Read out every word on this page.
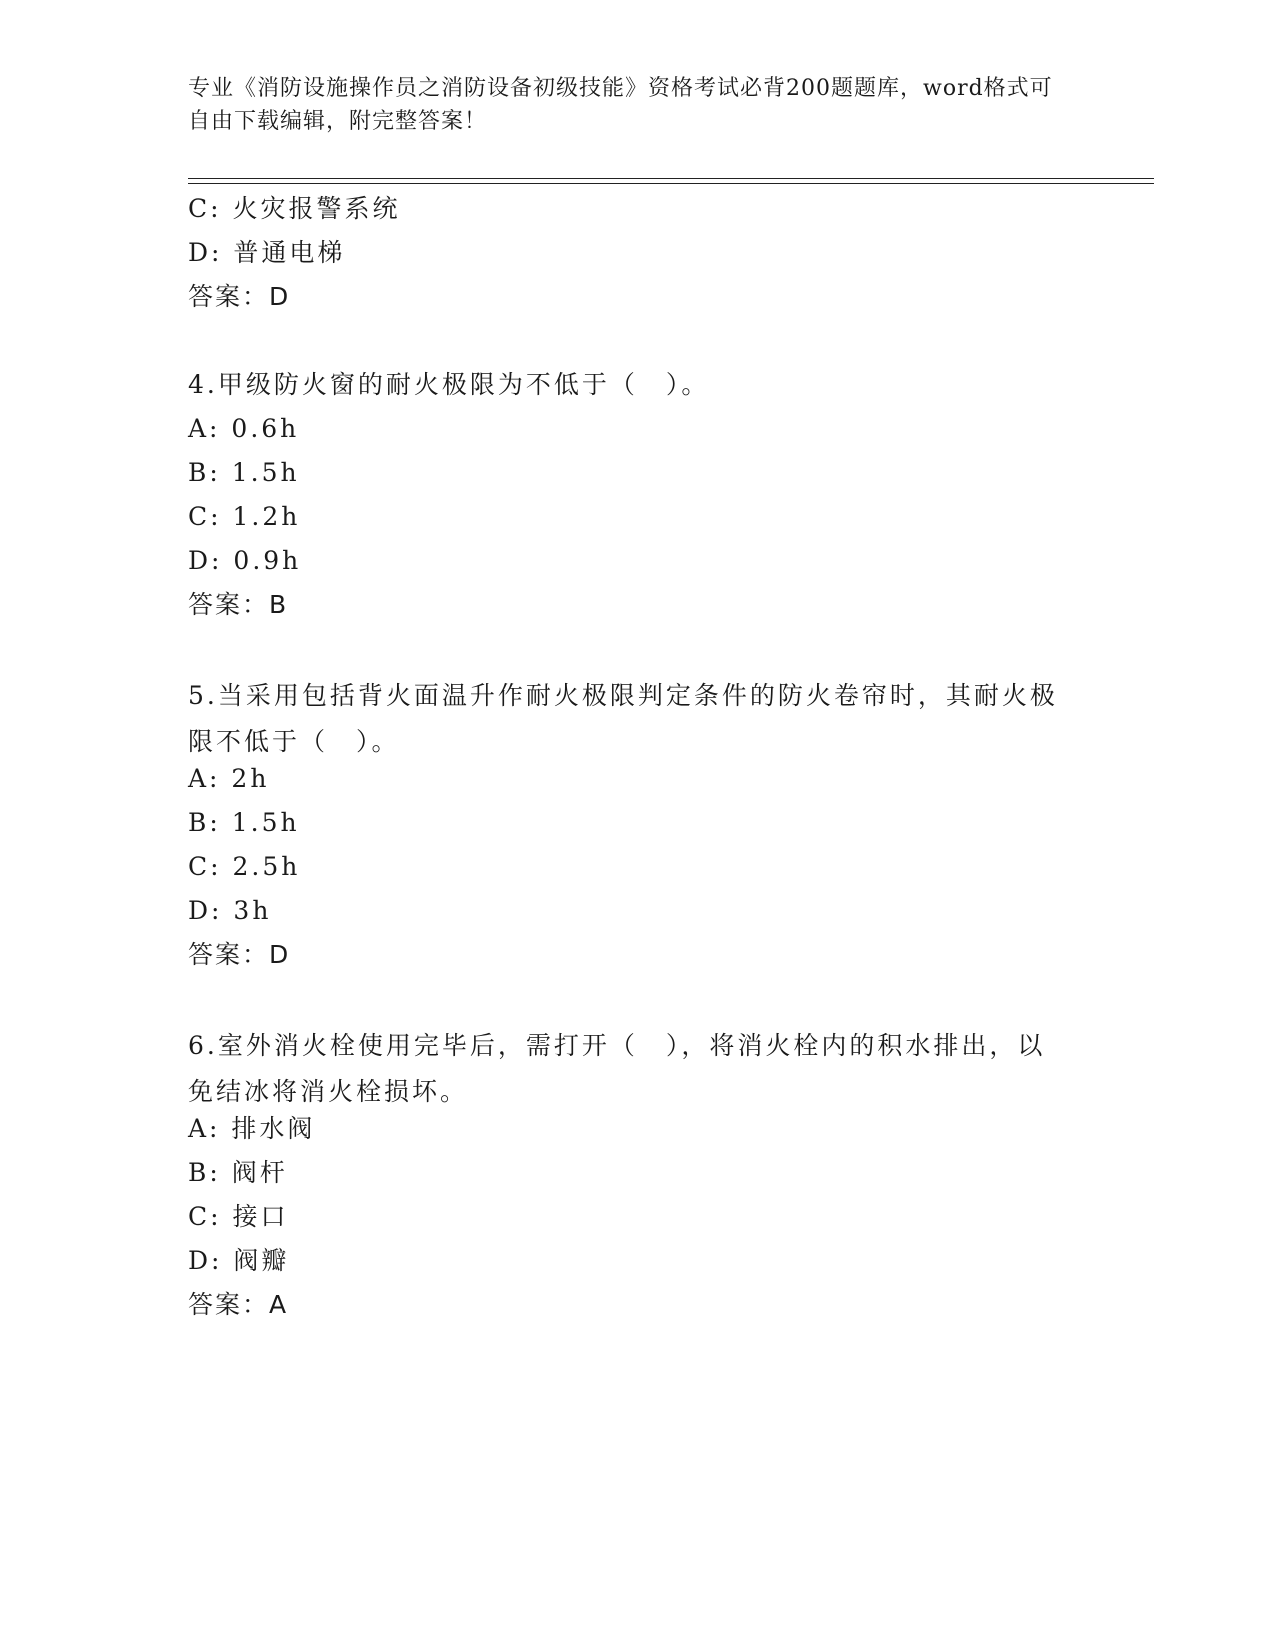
专业《消防设施操作员之消防设备初级技能》资格考试必背200题题库，word格式可自由下载编辑，附完整答案！
C: 火灾报警系统
D: 普通电梯
答案：D
4.甲级防火窗的耐火极限为不低于（　）。
A: 0.6h
B: 1.5h
C: 1.2h
D: 0.9h
答案：B
5.当采用包括背火面温升作耐火极限判定条件的防火卷帘时，其耐火极限不低于（　）。
A: 2h
B: 1.5h
C: 2.5h
D: 3h
答案：D
6.室外消火栓使用完毕后，需打开（　），将消火栓内的积水排出，以免结冰将消火栓损坏。
A: 排水阀
B: 阀杆
C: 接口
D: 阀瓣
答案：A
